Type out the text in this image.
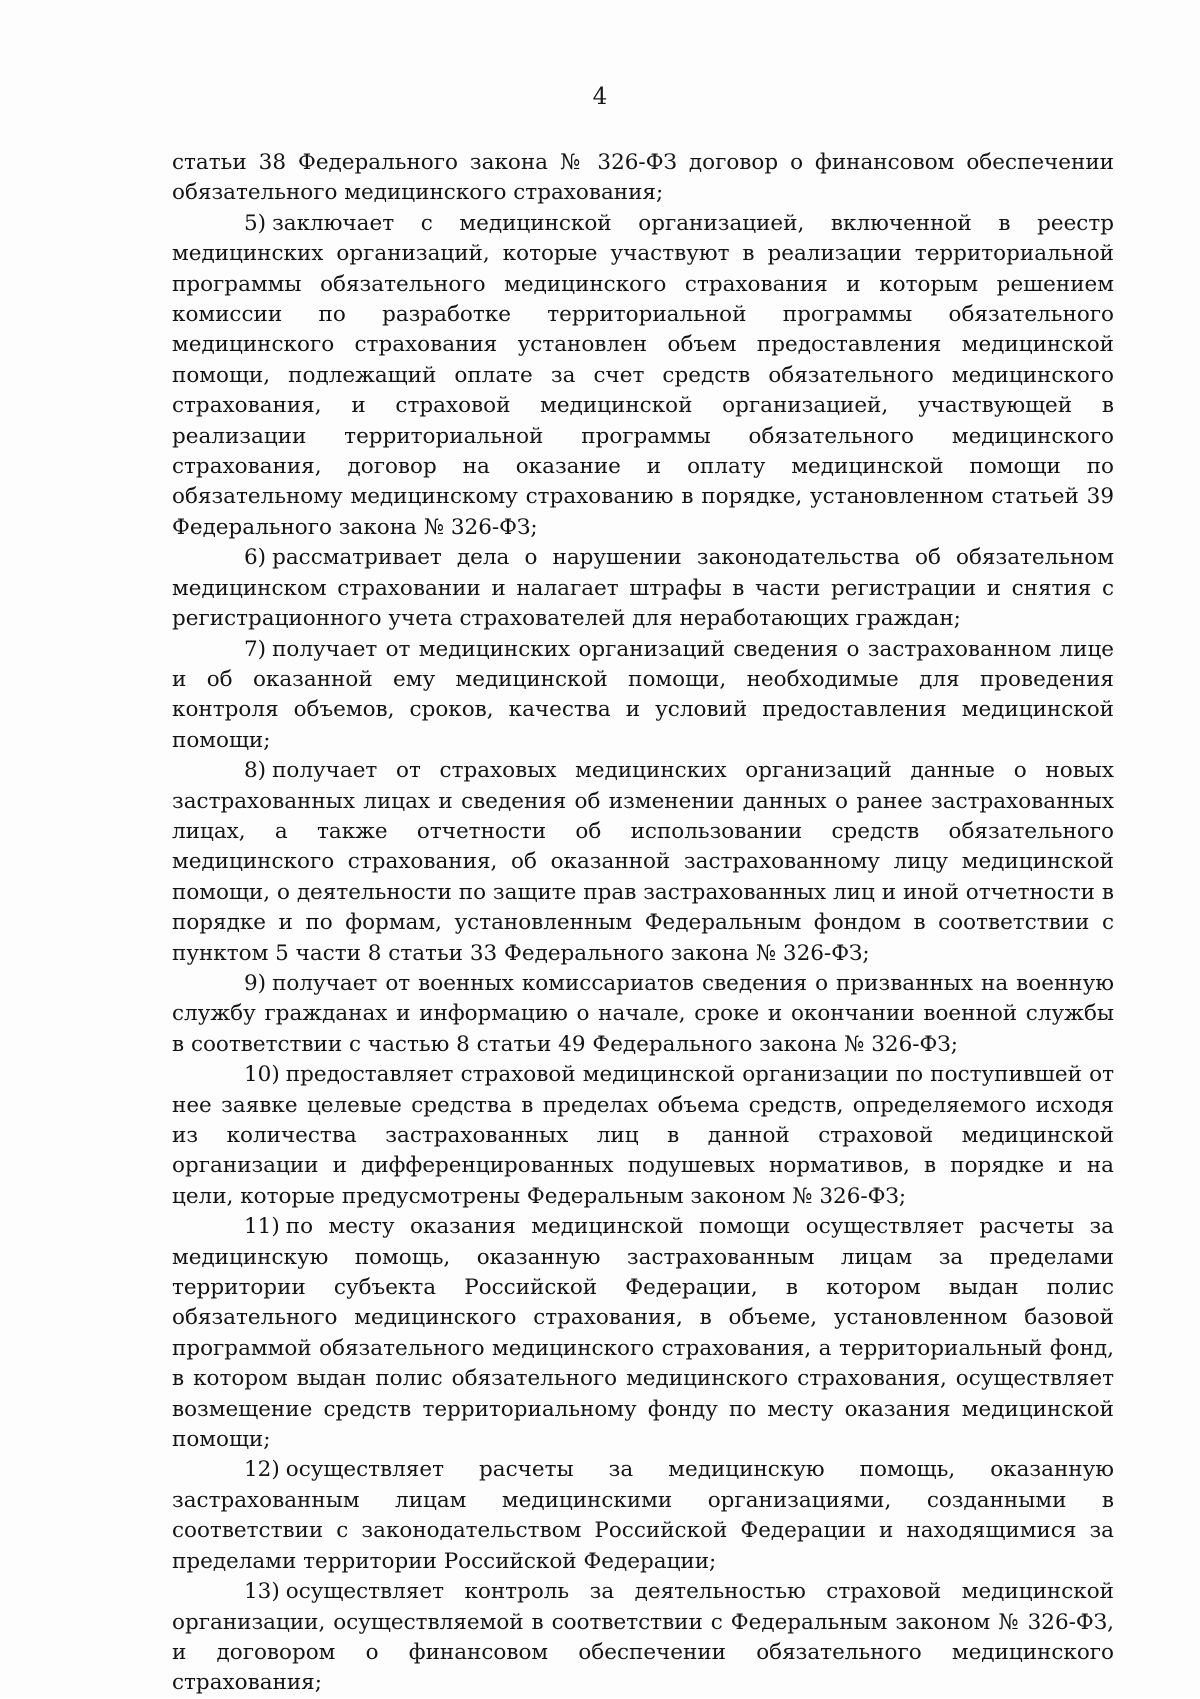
4

статьи 38 Федерального закона № 326-ФЗ договор о финансовом обеспечении обязательного медицинского страхования;

5) заключает с медицинской организацией, включенной в реестр медицинских организаций, которые участвуют в реализации территориальной программы обязательного медицинского страхования и которым решением комиссии по разработке территориальной программы обязательного медицинского страхования установлен объем предоставления медицинской помощи, подлежащий оплате за счет средств обязательного медицинского страхования, и страховой медицинской организацией, участвующей в реализации территориальной программы обязательного медицинского страхования, договор на оказание и оплату медицинской помощи по обязательному медицинскому страхованию в порядке, установленном статьей 39 Федерального закона № 326-ФЗ;

6) рассматривает дела о нарушении законодательства об обязательном медицинском страховании и налагает штрафы в части регистрации и снятия с регистрационного учета страхователей для неработающих граждан;

7) получает от медицинских организаций сведения о застрахованном лице и об оказанной ему медицинской помощи, необходимые для проведения контроля объемов, сроков, качества и условий предоставления медицинской помощи;

8) получает от страховых медицинских организаций данные о новых застрахованных лицах и сведения об изменении данных о ранее застрахованных лицах, а также отчетности об использовании средств обязательного медицинского страхования, об оказанной застрахованному лицу медицинской помощи, о деятельности по защите прав застрахованных лиц и иной отчетности в порядке и по формам, установленным Федеральным фондом в соответствии с пунктом 5 части 8 статьи 33 Федерального закона № 326-ФЗ;

9) получает от военных комиссариатов сведения о призванных на военную службу гражданах и информацию о начале, сроке и окончании военной службы в соответствии с частью 8 статьи 49 Федерального закона № 326-ФЗ;

10) предоставляет страховой медицинской организации по поступившей от нее заявке целевые средства в пределах объема средств, определяемого исходя из количества застрахованных лиц в данной страховой медицинской организации и дифференцированных подушевых нормативов, в порядке и на цели, которые предусмотрены Федеральным законом № 326-ФЗ;

11) по месту оказания медицинской помощи осуществляет расчеты за медицинскую помощь, оказанную застрахованным лицам за пределами территории субъекта Российской Федерации, в котором выдан полис обязательного медицинского страхования, в объеме, установленном базовой программой обязательного медицинского страхования, а территориальный фонд, в котором выдан полис обязательного медицинского страхования, осуществляет возмещение средств территориальному фонду по месту оказания медицинской помощи;

12) осуществляет расчеты за медицинскую помощь, оказанную застрахованным лицам медицинскими организациями, созданными в соответствии с законодательством Российской Федерации и находящимися за пределами территории Российской Федерации;

13) осуществляет контроль за деятельностью страховой медицинской организации, осуществляемой в соответствии с Федеральным законом № 326-ФЗ, и договором о финансовом обеспечении обязательного медицинского страхования;
